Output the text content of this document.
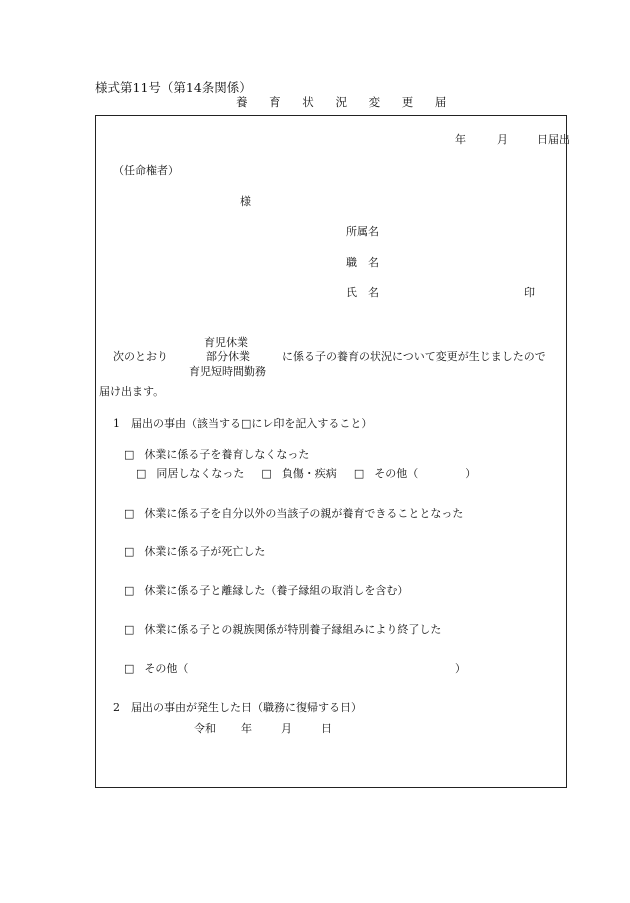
様式第11号（第14条関係）
養 育 状 況 変 更 届
年	月	日届出
（任命権者）
様
所属名
職　名
氏　名	印
育児休業
部分休業
育児短時間勤務
次のとおり	に係る子の養育の状況について変更が生じましたので
届け出ます。
1　届出の事由（該当する□にレ印を記入すること）
□ 休業に係る子を養育しなくなった
□ 同居しなくなった □ 負傷・疾病 □ その他（	）
□ 休業に係る子を自分以外の当該子の親が養育できることとなった
□ 休業に係る子が死亡した
□ 休業に係る子と離縁した（養子縁組の取消しを含む）
□ 休業に係る子との親族関係が特別養子縁組みにより終了した
□ その他（	）
2　届出の事由が発生した日（職務に復帰する日）
令和 年	月	日
